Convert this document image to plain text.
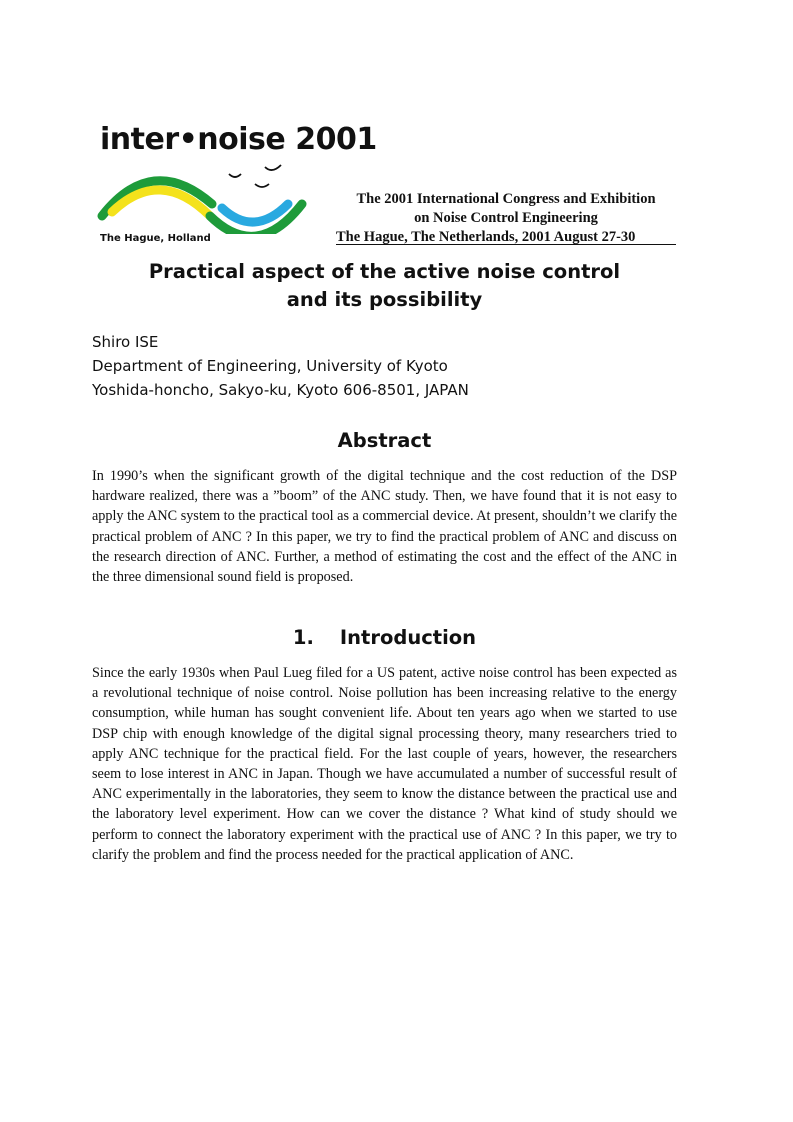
inter•noise 2001
The Hague, Holland
The 2001 International Congress and Exhibition
on Noise Control Engineering
The Hague, The Netherlands, 2001 August 27-30
Practical aspect of the active noise control
and its possibility
Shiro ISE
Department of Engineering, University of Kyoto
Yoshida-honcho, Sakyo-ku, Kyoto 606-8501, JAPAN
Abstract
In 1990’s when the significant growth of the digital technique and the cost reduction of the DSP hardware realized, there was a ”boom” of the ANC study. Then, we have found that it is not easy to apply the ANC system to the practical tool as a commercial device. At present, shouldn’t we clarify the practical problem of ANC ? In this paper, we try to find the practical problem of ANC and discuss on the research direction of ANC. Further, a method of estimating the cost and the effect of the ANC in the three dimensional sound field is proposed.
1. Introduction
Since the early 1930s when Paul Lueg filed for a US patent, active noise control has been expected as a revolutional technique of noise control. Noise pollution has been increasing relative to the energy consumption, while human has sought convenient life. About ten years ago when we started to use DSP chip with enough knowledge of the digital signal processing theory, many researchers tried to apply ANC technique for the practical field. For the last couple of years, however, the researchers seem to lose interest in ANC in Japan. Though we have accumulated a number of successful result of ANC experimentally in the laboratories, they seem to know the distance between the practical use and the laboratory level experiment. How can we cover the distance ? What kind of study should we perform to connect the laboratory experiment with the practical use of ANC ? In this paper, we try to clarify the problem and find the process needed for the practical application of ANC.
